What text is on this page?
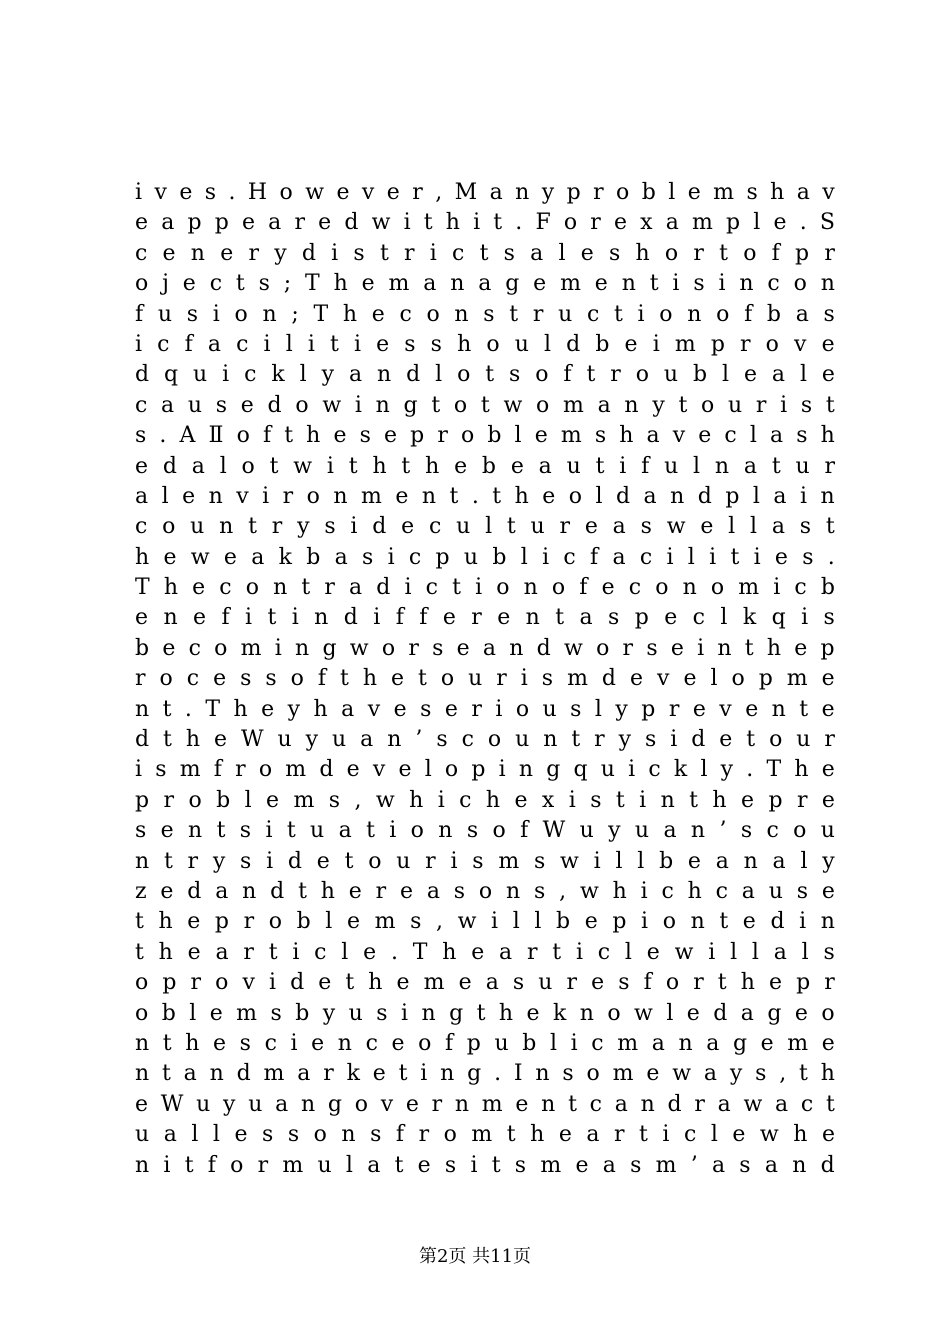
i v e s . H o w e v e r , M a n y p r o b l e m s h a v
e a p p e a r e d w i t h i t . F o r e x a m p l e . S
c e n e r y d i s t r i c t s a l e s h o r t o f p r
o j e c t s ; T h e m a n a g e m e n t i s i n c o n
f u s i o n ; T h e c o n s t r u c t i o n o f b a s
i c f a c i l i t i e s s h o u l d b e i m p r o v e
d q u i c k l y a n d l o t s o f t r o u b l e a l e
c a u s e d o w i n g t o t w o m a n y t o u r i s t
s . A Ⅱ o f t h e s e p r o b l e m s h a v e c l a s h
e d a l o t w i t h t h e b e a u t i f u l n a t u r
a l e n v i r o n m e n t . t h e o l d a n d p l a i n
c o u n t r y s i d e c u l t u r e a s w e l l a s t
h e w e a k b a s i c p u b l i c f a c i l i t i e s .
T h e c o n t r a d i c t i o n o f e c o n o m i c b
e n e f i t i n d i f f e r e n t a s p e c l k q i s
b e c o m i n g w o r s e a n d w o r s e i n t h e p
r o c e s s o f t h e t o u r i s m d e v e l o p m e
n t . T h e y h a v e s e r i o u s l y p r e v e n t e
d t h e W u y u a n ’ s c o u n t r y s i d e t o u r
i s m f r o m d e v e l o p i n g q u i c k l y . T h e
p r o b l e m s , w h i c h e x i s t i n t h e p r e
s e n t s i t u a t i o n s o f W u y u a n ’ s c o u
n t r y s i d e t o u r i s m s w i l l b e a n a l y
z e d a n d t h e r e a s o n s , w h i c h c a u s e
t h e p r o b l e m s , w i l l b e p i o n t e d i n
t h e a r t i c l e . T h e a r t i c l e w i l l a l s
o p r o v i d e t h e m e a s u r e s f o r t h e p r
o b l e m s b y u s i n g t h e k n o w l e d a g e o
n t h e s c i e n c e o f p u b l i c m a n a g e m e
n t a n d m a r k e t i n g . I n s o m e w a y s , t h
e W u y u a n g o v e r n m e n t c a n d r a w a c t
u a l l e s s o n s f r o m t h e a r t i c l e w h e
n i t f o r m u l a t e s i t s m e a s m ’ a s a n d
第2页 共11页
